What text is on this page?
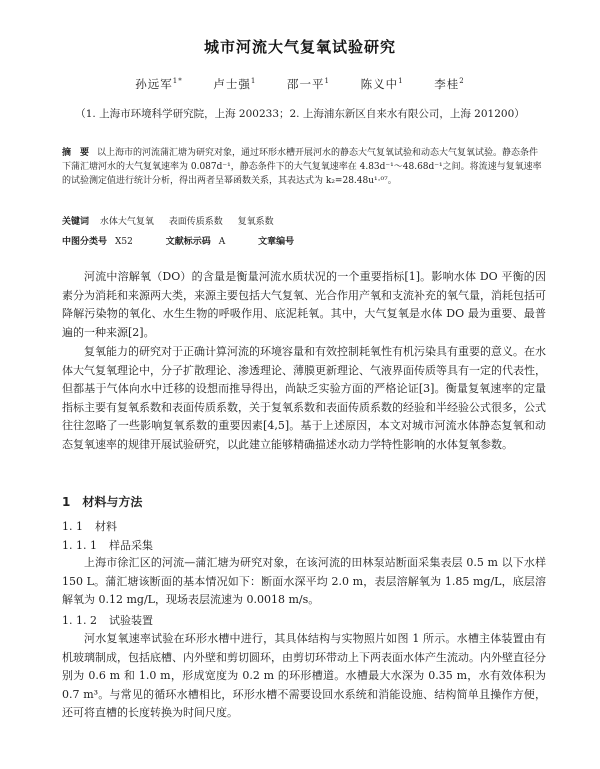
城市河流大气复氧试验研究
孙远军$^{1*}$	卢士强$^1$	邵一平$^1$	陈义中$^1$	李桂$^2$
（1. 上海市环境科学研究院，上海 200233；2. 上海浦东新区自来水有限公司，上海 201200）
摘　要 以上海市的河流蒲汇塘为研究对象，通过环形水槽开展河水的静态大气复氧试验和动态大气复氧试验。静态条件下蒲汇塘河水的大气复氧速率为 0.087d⁻¹，静态条件下的大气复氧速率在 4.83d⁻¹～48.68d⁻¹之间。将流速与复氧速率的试验测定值进行统计分析，得出两者呈幂函数关系，其表达式为 k₂=28.48u¹·⁰⁷。
关键词 水体大气复氧 表面传质系数 复氧系数
中图分类号 X52	文献标示码 A	文章编号
河流中溶解氧（DO）的含量是衡量河流水质状况的一个重要指标[1]。影响水体 DO 平衡的因素分为消耗和来源两大类，来源主要包括大气复氧、光合作用产氧和支流补充的氧气量，消耗包括可降解污染物的氧化、水生生物的呼吸作用、底泥耗氧。其中，大气复氧是水体 DO 最为重要、最普遍的一种来源[2]。
复氧能力的研究对于正确计算河流的环境容量和有效控制耗氧性有机污染具有重要的意义。在水体大气复氧理论中，分子扩散理论、渗透理论、薄膜更新理论、气液界面传质等具有一定的代表性，但都基于气体向水中迁移的设想而推导得出，尚缺乏实验方面的严格论证[3]。衡量复氧速率的定量指标主要有复氧系数和表面传质系数，关于复氧系数和表面传质系数的经验和半经验公式很多，公式往往忽略了一些影响复氧系数的重要因素[4,5]。基于上述原因，本文对城市河流水体静态复氧和动态复氧速率的规律开展试验研究，以此建立能够精确描述水动力学特性影响的水体复氧参数。
1 材料与方法
1. 1 材料
1. 1. 1 样品采集
上海市徐汇区的河流—蒲汇塘为研究对象，在该河流的田林泵站断面采集表层 0.5 m 以下水样 150 L。蒲汇塘该断面的基本情况如下：断面水深平均 2.0 m，表层溶解氧为 1.85 mg/L，底层溶解氧为 0.12 mg/L，现场表层流速为 0.0018 m/s。
1. 1. 2 试验装置
河水复氧速率试验在环形水槽中进行，其具体结构与实物照片如图 1 所示。水槽主体装置由有机玻璃制成，包括底槽、内外壁和剪切圆环，由剪切环带动上下两表面水体产生流动。内外壁直径分别为 0.6 m 和 1.0 m，形成宽度为 0.2 m 的环形槽道。水槽最大水深为 0.35 m，水有效体积为 0.7 m³。与常见的循环水槽相比，环形水槽不需要设回水系统和消能设施、结构简单且操作方便，还可将直槽的长度转换为时间尺度。
